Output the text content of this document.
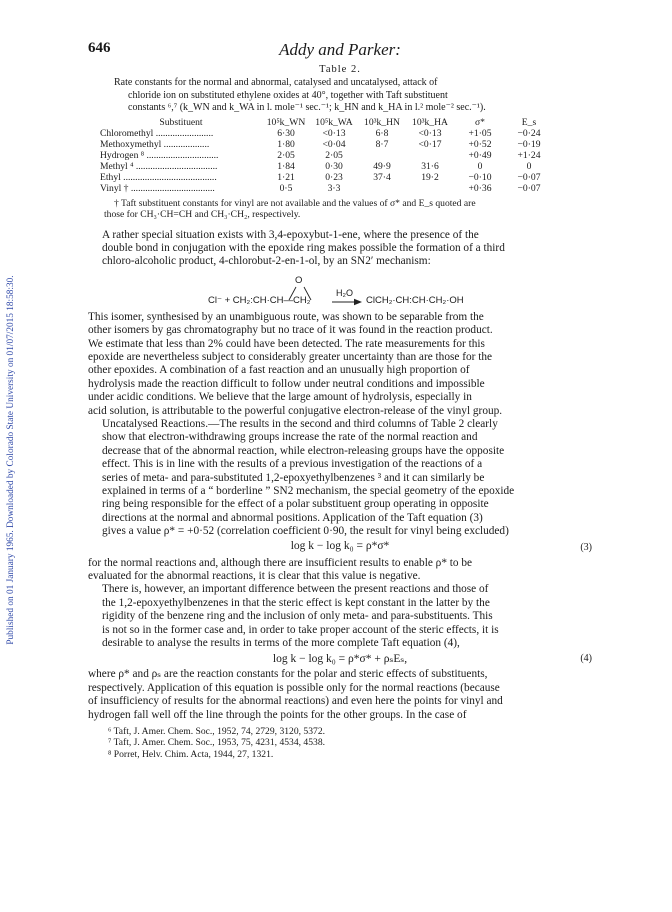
Published on 01 January 1965. Downloaded by Colorado State University on 01/07/2015 18:58:30.
646	Addy and Parker:
Table 2.
Rate constants for the normal and abnormal, catalysed and uncatalysed, attack of
chloride ion on substituted ethylene oxides at 40°, together with Taft substituent
constants ⁶,⁷ (k_WN and k_WA in l. mole⁻¹ sec.⁻¹; k_HN and k_HA in l.² mole⁻² sec.⁻¹).
Substituent	10⁵k_WN	10⁵k_WA	10³k_HN	10³k_HA	σ*	E_s
Chloromethyl ........................	6·30	<0·13	6·8	<0·13	+1·05	−0·24
Methoxymethyl ...................	1·80	<0·04	8·7	<0·17	+0·52	−0·19
Hydrogen ⁸ ..............................	2·05	2·05			+0·49	+1·24
Methyl ⁴ ..................................	1·84	0·30	49·9	31·6	0	0
Ethyl .......................................	1·21	0·23	37·4	19·2	−0·10	−0·07
Vinyl † ...................................	0·5	3·3			+0·36	−0·07
† Taft substituent constants for vinyl are not available and the values of σ* and E_s quoted are
those for CH₃·CH=CH and CH₃·CH₂, respectively.

A rather special situation exists with 3,4-epoxybut-1-ene, where the presence of the
double bond in conjugation with the epoxide ring makes possible the formation of a third
chloro-alcoholic product, 4-chlorobut-2-en-1-ol, by an SN2′ mechanism:

O
H₂O
Cl⁻ + CH₂:CH·CH—CH₂	ClCH₂·CH:CH·CH₂·OH

This isomer, synthesised by an unambiguous route, was shown to be separable from the
other isomers by gas chromatography but no trace of it was found in the reaction product.
We estimate that less than 2% could have been detected. The rate measurements for this
epoxide are nevertheless subject to considerably greater uncertainty than are those for the
other epoxides. A combination of a fast reaction and an unusually high proportion of
hydrolysis made the reaction difficult to follow under neutral conditions and impossible
under acidic conditions. We believe that the large amount of hydrolysis, especially in
acid solution, is attributable to the powerful conjugative electron-release of the vinyl group.

Uncatalysed Reactions.—The results in the second and third columns of Table 2 clearly
show that electron-withdrawing groups increase the rate of the normal reaction and
decrease that of the abnormal reaction, while electron-releasing groups have the opposite
effect. This is in line with the results of a previous investigation of the reactions of a
series of meta- and para-substituted 1,2-epoxyethylbenzenes ³ and it can similarly be
explained in terms of a “ borderline ” SN2 mechanism, the special geometry of the epoxide
ring being responsible for the effect of a polar substituent group operating in opposite
directions at the normal and abnormal positions. Application of the Taft equation (3)
gives a value ρ* = +0·52 (correlation coefficient 0·90, the result for vinyl being excluded)

log k − log k₀ = ρ*σ*	(3)

for the normal reactions and, although there are insufficient results to enable ρ* to be
evaluated for the abnormal reactions, it is clear that this value is negative.

There is, however, an important difference between the present reactions and those of
the 1,2-epoxyethylbenzenes in that the steric effect is kept constant in the latter by the
rigidity of the benzene ring and the inclusion of only meta- and para-substituents. This
is not so in the former case and, in order to take proper account of the steric effects, it is
desirable to analyse the results in terms of the more complete Taft equation (4),

log k − log k₀ = ρ*σ* + ρₛEₛ,	(4)

where ρ* and ρₛ are the reaction constants for the polar and steric effects of substituents,
respectively. Application of this equation is possible only for the normal reactions (because
of insufficiency of results for the abnormal reactions) and even here the points for vinyl and
hydrogen fall well off the line through the points for the other groups. In the case of

⁶ Taft, J. Amer. Chem. Soc., 1952, 74, 2729, 3120, 5372.
⁷ Taft, J. Amer. Chem. Soc., 1953, 75, 4231, 4534, 4538.
⁸ Porret, Helv. Chim. Acta, 1944, 27, 1321.
